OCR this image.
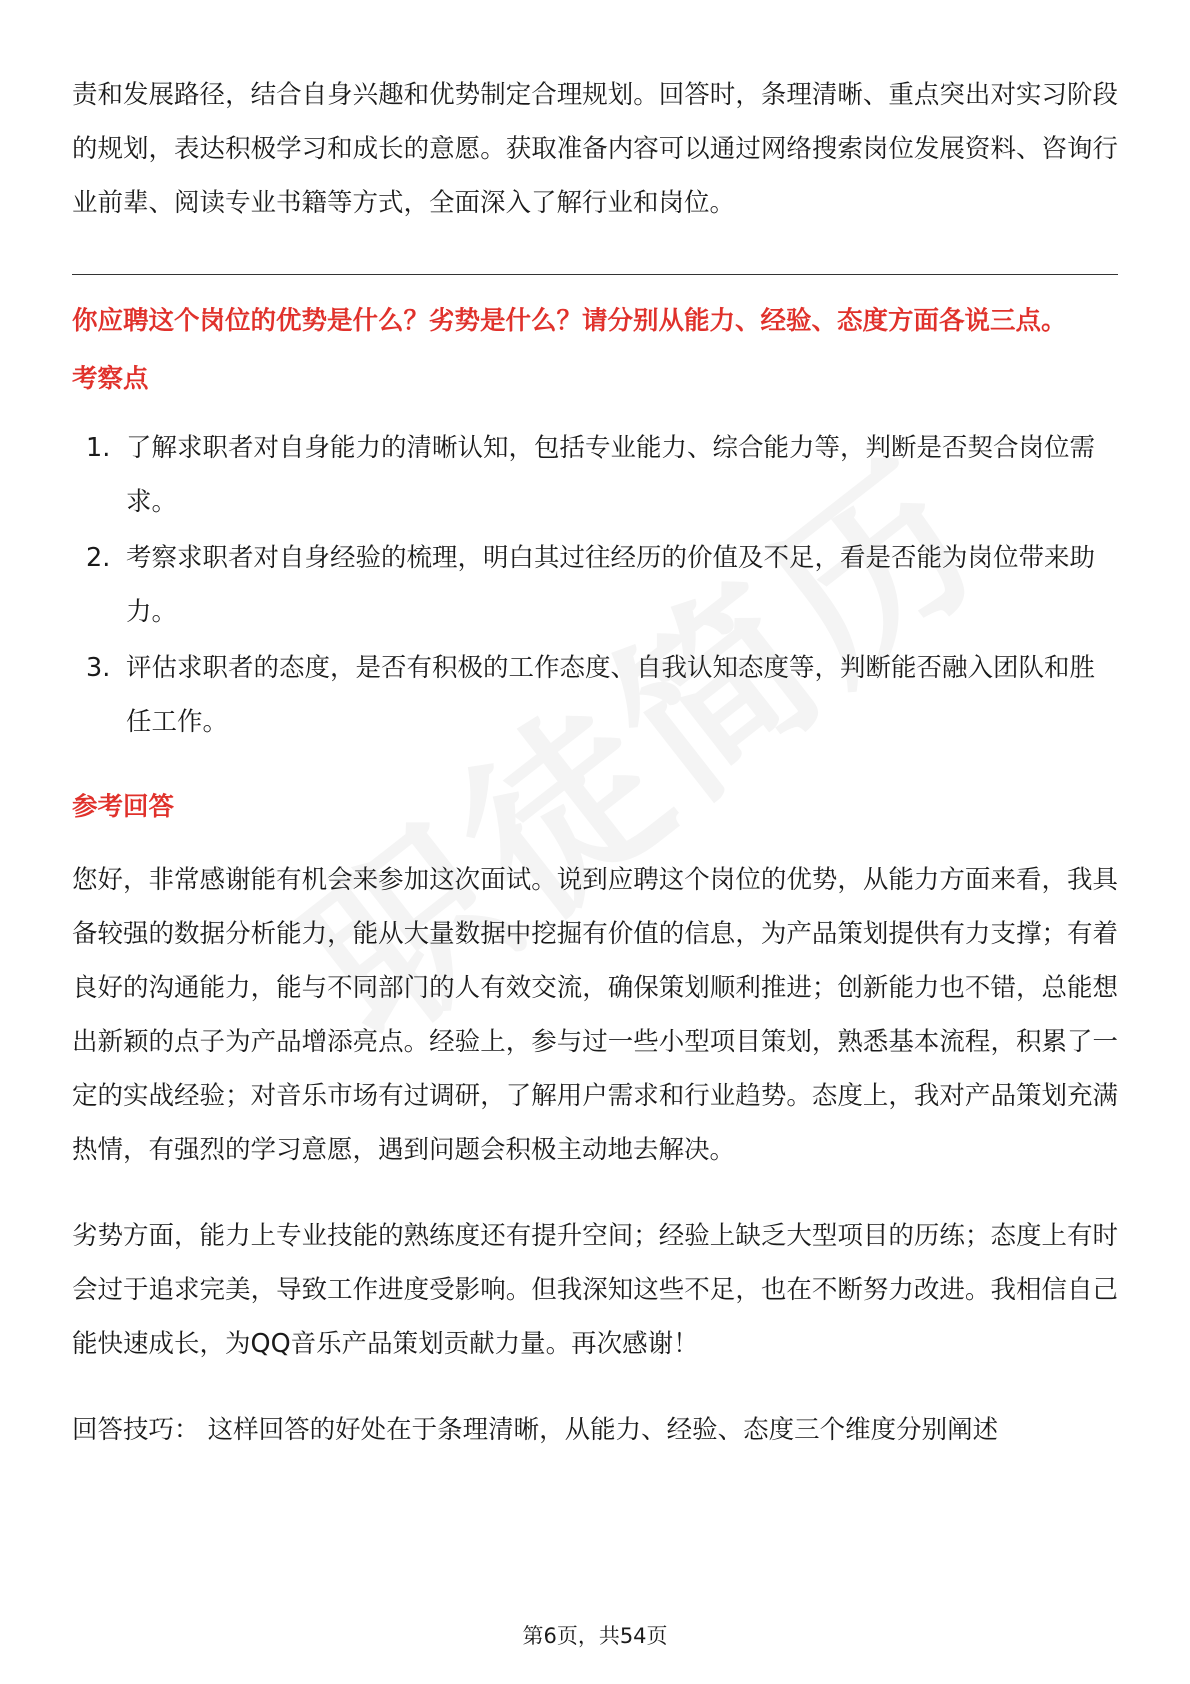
责和发展路径，结合自身兴趣和优势制定合理规划。回答时，条理清晰、重点突出对实习阶段的规划，表达积极学习和成长的意愿。获取准备内容可以通过网络搜索岗位发展资料、咨询行业前辈、阅读专业书籍等方式，全面深入了解行业和岗位。

你应聘这个岗位的优势是什么？劣势是什么？请分别从能力、经验、态度方面各说三点。

考察点

1. 了解求职者对自身能力的清晰认知，包括专业能力、综合能力等，判断是否契合岗位需求。
2. 考察求职者对自身经验的梳理，明白其过往经历的价值及不足，看是否能为岗位带来助力。
3. 评估求职者的态度，是否有积极的工作态度、自我认知态度等，判断能否融入团队和胜任工作。

参考回答

您好，非常感谢能有机会来参加这次面试。说到应聘这个岗位的优势，从能力方面来看，我具备较强的数据分析能力，能从大量数据中挖掘有价值的信息，为产品策划提供有力支撑；有着良好的沟通能力，能与不同部门的人有效交流，确保策划顺利推进；创新能力也不错，总能想出新颖的点子为产品增添亮点。经验上，参与过一些小型项目策划，熟悉基本流程，积累了一定的实战经验；对音乐市场有过调研，了解用户需求和行业趋势。态度上，我对产品策划充满热情，有强烈的学习意愿，遇到问题会积极主动地去解决。

劣势方面，能力上专业技能的熟练度还有提升空间；经验上缺乏大型项目的历练；态度上有时会过于追求完美，导致工作进度受影响。但我深知这些不足，也在不断努力改进。我相信自己能快速成长，为QQ音乐产品策划贡献力量。再次感谢！

回答技巧： 这样回答的好处在于条理清晰，从能力、经验、态度三个维度分别阐述

第6页，共54页
